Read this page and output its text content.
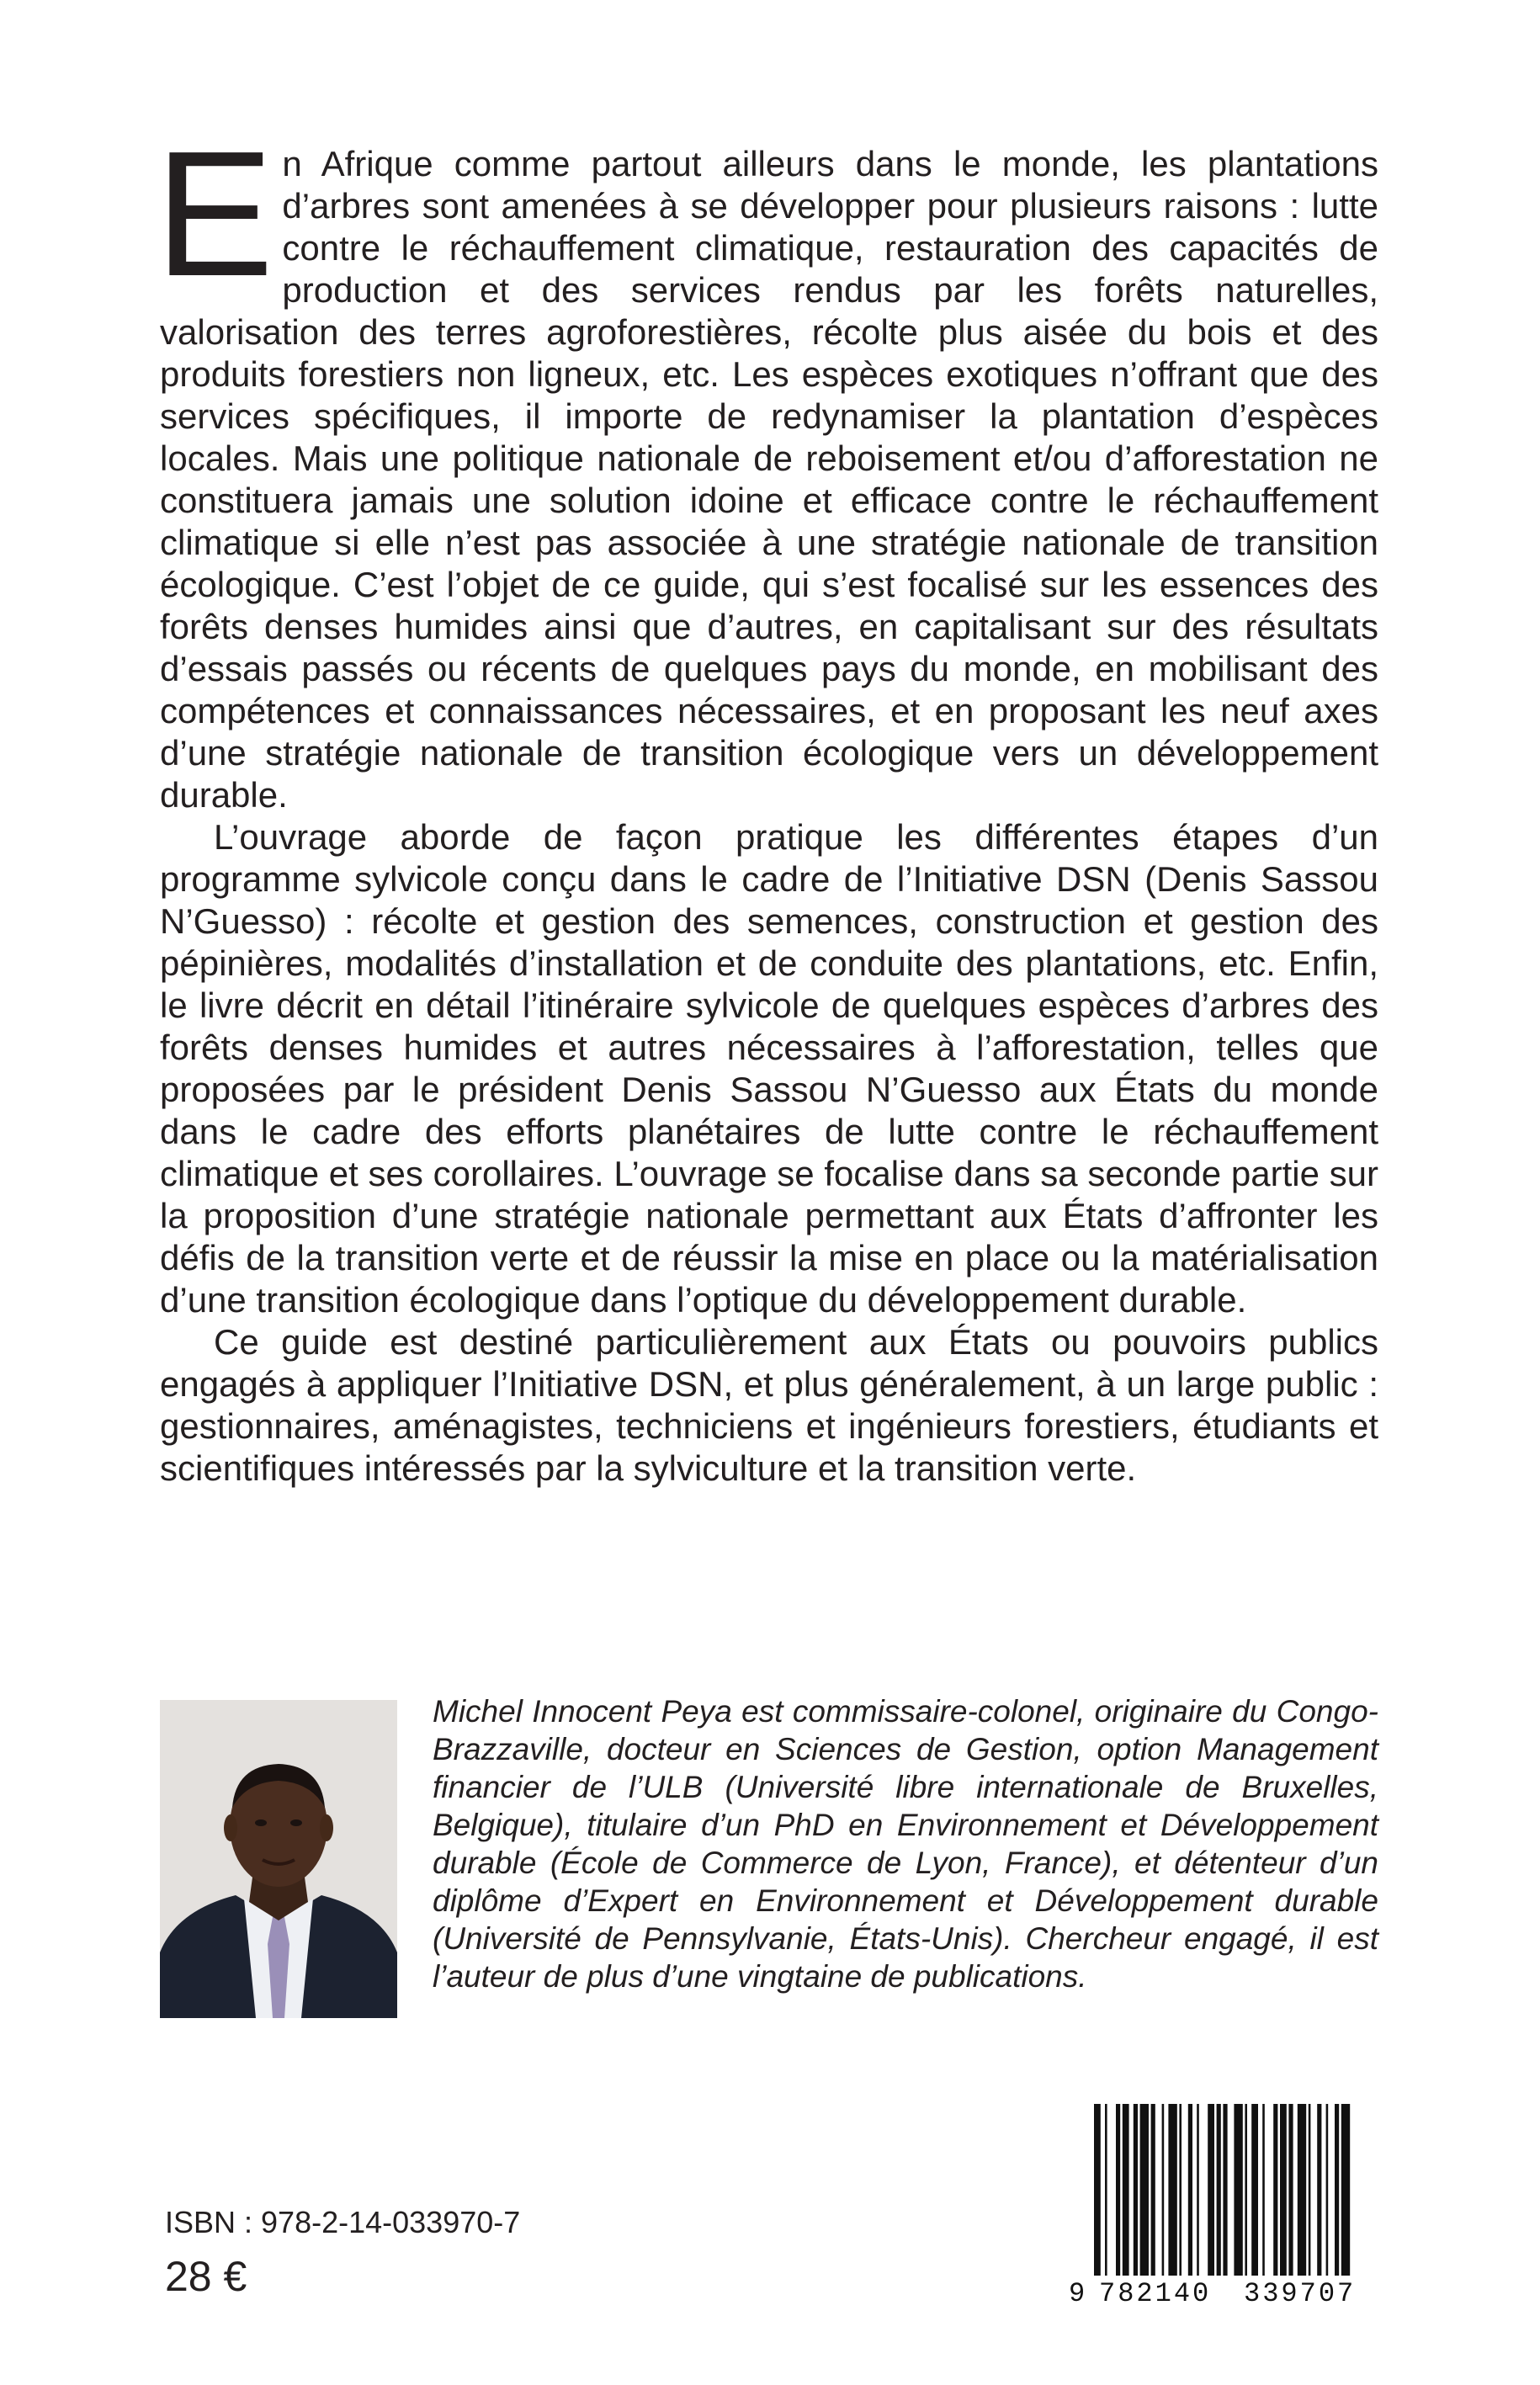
En Afrique comme partout ailleurs dans le monde, les plantations d’arbres sont amenées à se développer pour plusieurs raisons : lutte contre le réchauffement climatique, restauration des capacités de production et des services rendus par les forêts naturelles, valorisation des terres agroforestières, récolte plus aisée du bois et des produits forestiers non ligneux, etc. Les espèces exotiques n’offrant que des services spécifiques, il importe de redynamiser la plantation d’espèces locales. Mais une politique nationale de reboisement et/ou d’afforestation ne constituera jamais une solution idoine et efficace contre le réchauffement climatique si elle n’est pas associée à une stratégie nationale de transition écologique. C’est l’objet de ce guide, qui s’est focalisé sur les essences des forêts denses humides ainsi que d’autres, en capitalisant sur des résultats d’essais passés ou récents de quelques pays du monde, en mobilisant des compétences et connaissances nécessaires, et en proposant les neuf axes d’une stratégie nationale de transition écologique vers un développement durable.

L’ouvrage aborde de façon pratique les différentes étapes d’un programme sylvicole conçu dans le cadre de l’Initiative DSN (Denis Sassou N’Guesso) : récolte et gestion des semences, construction et gestion des pépinières, modalités d’installation et de conduite des plantations, etc. Enfin, le livre décrit en détail l’itinéraire sylvicole de quelques espèces d’arbres des forêts denses humides et autres nécessaires à l’afforestation, telles que proposées par le président Denis Sassou N’Guesso aux États du monde dans le cadre des efforts planétaires de lutte contre le réchauffement climatique et ses corollaires. L’ouvrage se focalise dans sa seconde partie sur la proposition d’une stratégie nationale permettant aux États d’affronter les défis de la transition verte et de réussir la mise en place ou la matérialisation d’une transition écologique dans l’optique du développement durable.

Ce guide est destiné particulièrement aux États ou pouvoirs publics engagés à appliquer l’Initiative DSN, et plus généralement, à un large public : gestionnaires, aménagistes, techniciens et ingénieurs forestiers, étudiants et scientifiques intéressés par la sylviculture et la transition verte.

Michel Innocent Peya est commissaire-colonel, originaire du Congo-Brazzaville, docteur en Sciences de Gestion, option Management financier de l’ULB (Université libre internationale de Bruxelles, Belgique), titulaire d’un PhD en Environnement et Développement durable (École de Commerce de Lyon, France), et détenteur d’un diplôme d’Expert en Environnement et Développement durable (Université de Pennsylvanie, États-Unis). Chercheur engagé, il est l’auteur de plus d’une vingtaine de publications.
ISBN : 978-2-14-033970-7
28 €	9 782140 339707
